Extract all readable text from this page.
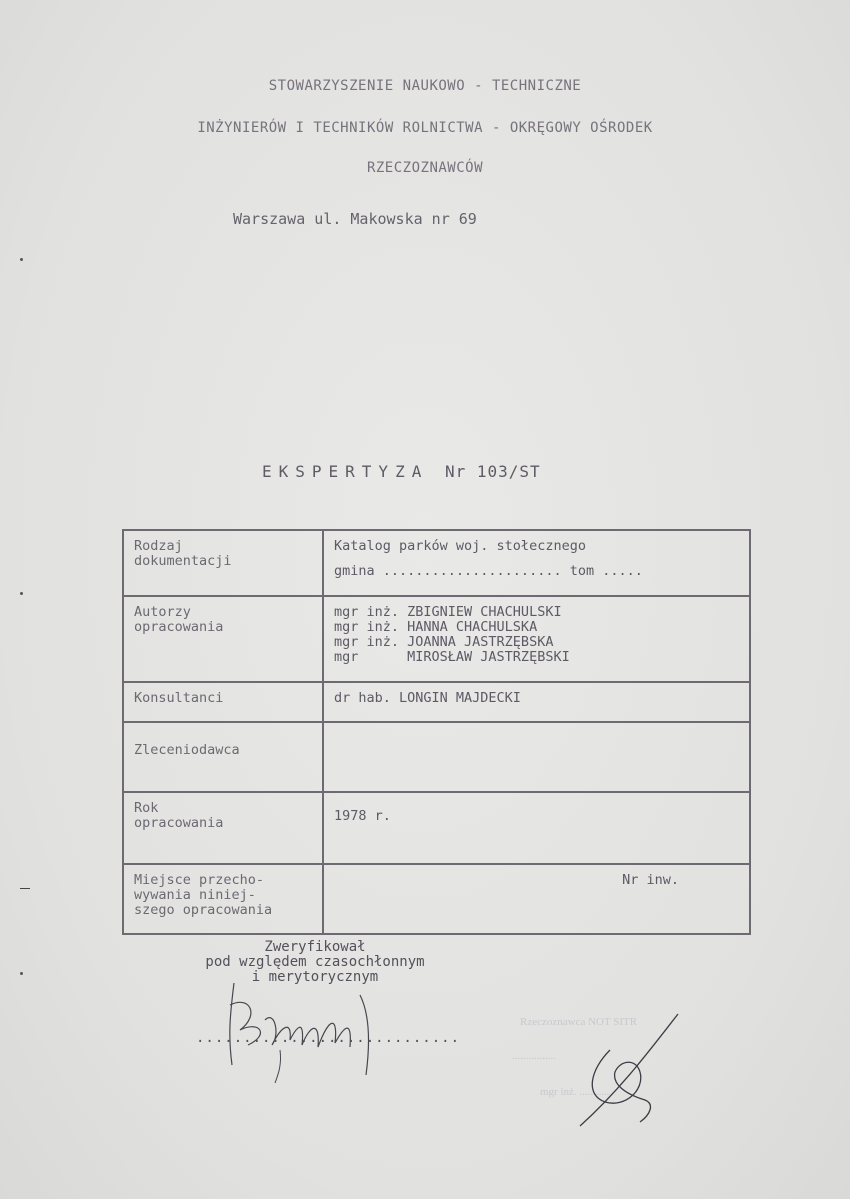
STOWARZYSZENIE NAUKOWO - TECHNICZNE
INŻYNIERÓW I TECHNIKÓW ROLNICTWA - OKRĘGOWY OŚRODEK
RZECZOZNAWCÓW
Warszawa ul. Makowska nr 69
EKSPERTYZA Nr 103/ST
Rodzaj
dokumentacji	Katalog parków woj. stołecznego
gmina ...................... tom .....

Autorzy
opracowania	mgr inż. ZBIGNIEW CHACHULSKI
mgr inż. HANNA CHACHULSKA
mgr inż. JOANNA JASTRZĘBSKA
mgr      MIROSŁAW JASTRZĘBSKI

Konsultanci	dr hab. LONGIN MAJDECKI
Zleceniodawca	

Rok
opracowania	1978 r.

Miejsce przecho-
wywania niniej-
szego opracowania	Nr inw.
Zweryfikował
pod względem czasochłonnym
i merytorycznym
............................
Rzeczoznawca NOT SITR
................
mgr inż. ...........
